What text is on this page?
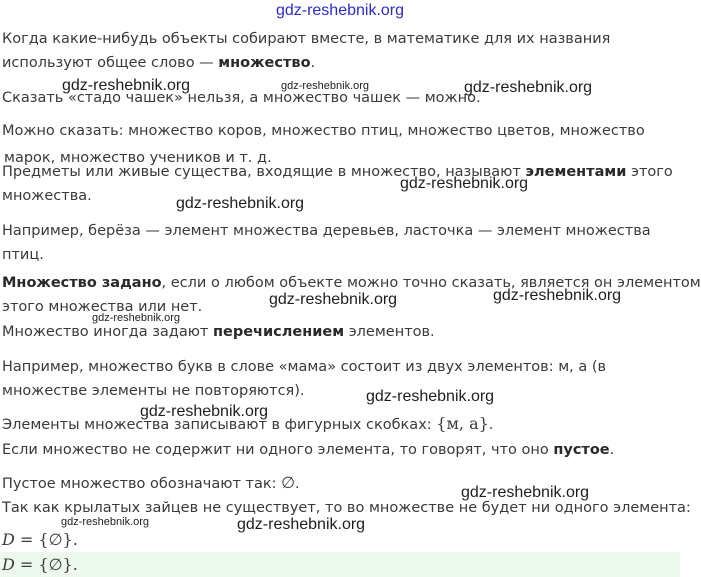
gdz-reshebnik.org
Когда какие-нибудь объекты собирают вместе, в математике для их названия
используют общее слово — множество.
Сказать «стадо чашек» нельзя, а множество чашек — можно.
Можно сказать: множество коров, множество птиц, множество цветов, множество
марок, множество учеников и т. д.
Предметы или живые существа, входящие в множество, называют элементами этого
множества.
Например, берёза — элемент множества деревьев, ласточка — элемент множества
птиц.
Множество задано, если о любом объекте можно точно сказать, является он элементом
этого множества или нет.
Множество иногда задают перечислением элементов.
Например, множество букв в слове «мама» состоит из двух элементов: м, а (в
множестве элементы не повторяются).
Элементы множества записывают в фигурных скобках: {м, а}.
Если множество не содержит ни одного элемента, то говорят, что оно пустое.
Пустое множество обозначают так: ∅.
Так как крылатых зайцев не существует, то во множестве не будет ни одного элемента:
D = {∅}.
D = {∅}.
gdz-reshebnik.org	gdz-reshebnik.org	gdz-reshebnik.org
gdz-reshebnik.org
gdz-reshebnik.org
gdz-reshebnik.org	gdz-reshebnik.org
gdz-reshebnik.org
gdz-reshebnik.org
gdz-reshebnik.org
gdz-reshebnik.org
gdz-reshebnik.org	gdz-reshebnik.org
